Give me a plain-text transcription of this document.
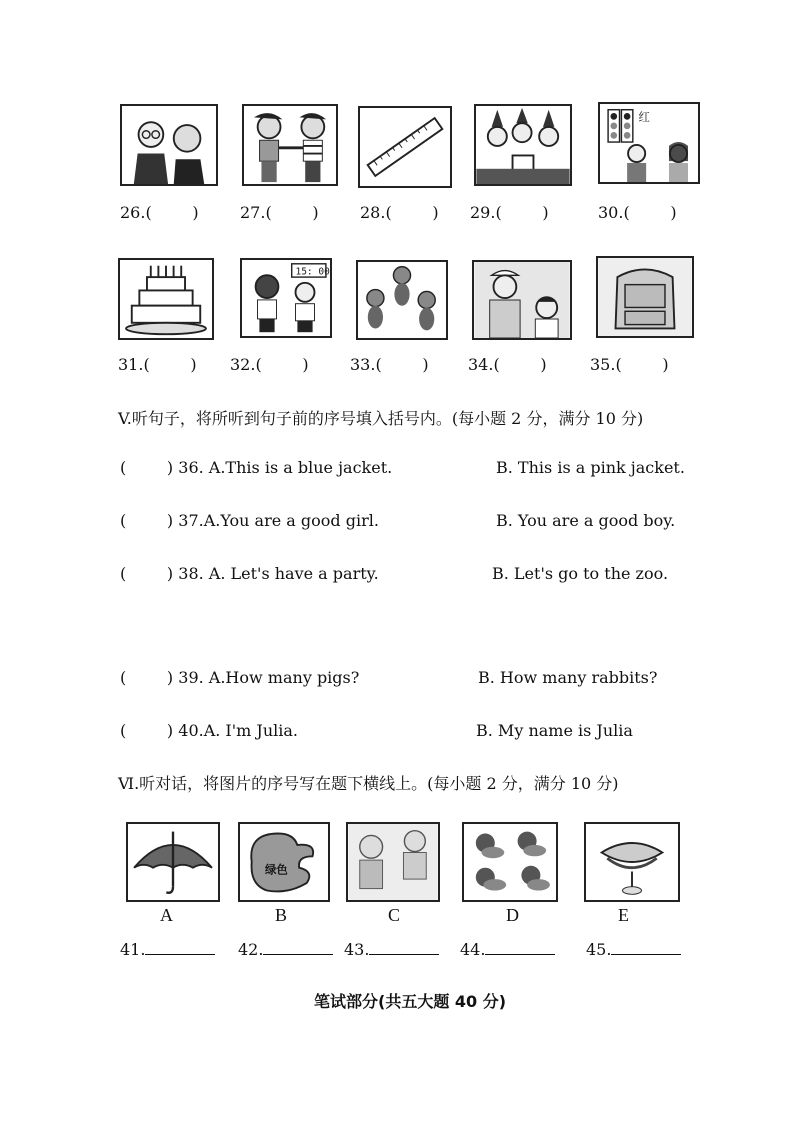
红
26.(        )	27.(        )	28.(        ) 29.(        )	30.(        )
15: 00
31.(        ) 32.(        )	33.(        ) 34.(        )	35.(        )
V.听句子，将所听到句子前的序号填入括号内。(每小题 2 分，满分 10 分)
(        ) 36. A.This is a blue jacket.	B. This is a pink jacket.
(        ) 37.A.You are a good girl.	B. You are a good boy.
(        ) 38. A. Let's have a party.	B. Let's go to the zoo.
(        ) 39. A.How many pigs?	B. How many rabbits?
(        ) 40.A. I'm Julia.	B. My name is Julia
Ⅵ.听对话，将图片的序号写在题下横线上。(每小题 2 分，满分 10 分)
绿色
A	B	C	D	E
41.	42.	43.	44.	45.
笔试部分(共五大题 40 分)
